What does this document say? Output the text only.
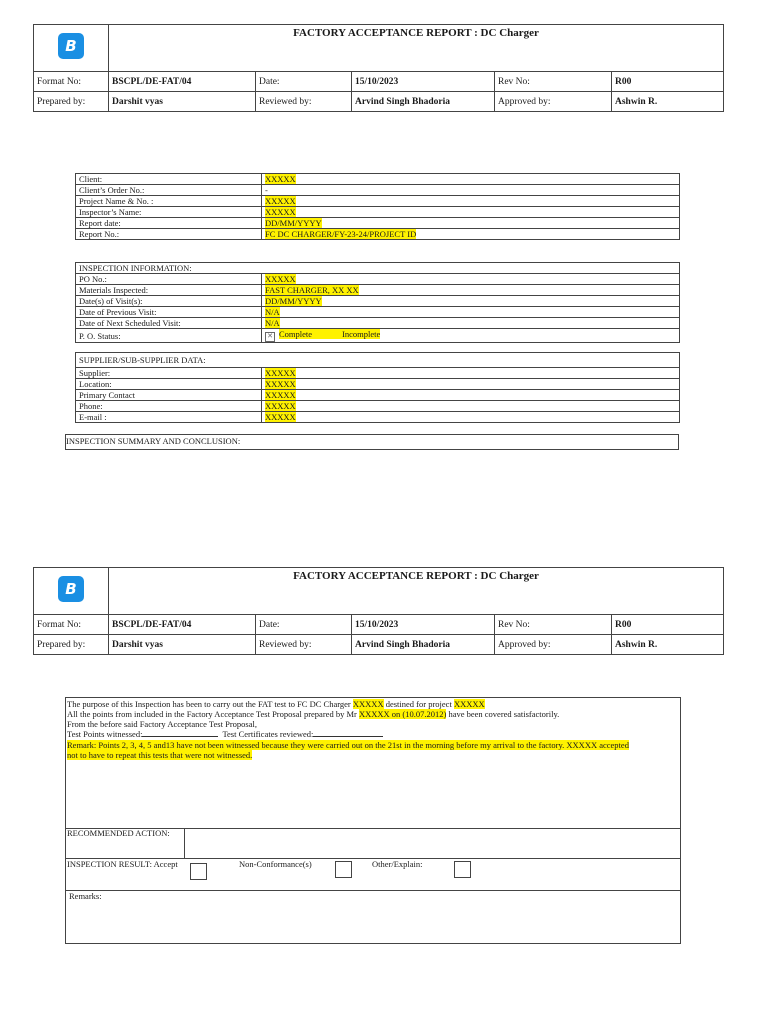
B	FACTORY ACCEPTANCE REPORT : DC Charger				
Format No:	BSCPL/DE-FAT/04	Date:	15/10/2023	Rev No:	R00
Prepared by:	Darshit vyas	Reviewed by:	Arvind Singh Bhadoria	Approved by:	Ashwin R.
Client:	XXXXX
Client’s Order No.:	-
Project Name & No. :	XXXXX
Inspector’s Name:	XXXXX
Report date:	DD/MM/YYYY
Report No.:	FC DC CHARGER/FY-23-24/PROJECT ID
INSPECTION INFORMATION:	
PO No.:	XXXXX
Materials Inspected:	FAST CHARGER, XX XX
Date(s) of Visit(s):	DD/MM/YYYY
Date of Previous Visit:	N/A
Date of Next Scheduled Visit:	N/A
P. O. Status:	✕ Complete Incomplete
SUPPLIER/SUB-SUPPLIER DATA:	
Supplier:	XXXXX
Location:	XXXXX
Primary Contact	XXXXX
Phone:	XXXXX
E-mail :	XXXXX
INSPECTION SUMMARY AND CONCLUSION:
B	FACTORY ACCEPTANCE REPORT : DC Charger				
Format No:	BSCPL/DE-FAT/04	Date:	15/10/2023	Rev No:	R00
Prepared by:	Darshit vyas	Reviewed by:	Arvind Singh Bhadoria	Approved by:	Ashwin R.
The purpose of this Inspection has been to carry out the FAT test to FC DC Charger XXXXX destined for project XXXXX
All the points from included in the Factory Acceptance Test Proposal prepared by Mr XXXXX on (10.07.2012) have been covered satisfactorily.
From the before said Factory Acceptance Test Proposal,
Test Points witnessed:	Test Certificates reviewed:
Remark: Points 2, 3, 4, 5 and13 have not been witnessed because they were carried out on the 21st in the morning before my arrival to the factory. XXXXX accepted
not to have to repeat this tests that were not witnessed.
RECOMMENDED ACTION:
INSPECTION RESULT: Accept	Non-Conformance(s)	Other/Explain:
Remarks:
